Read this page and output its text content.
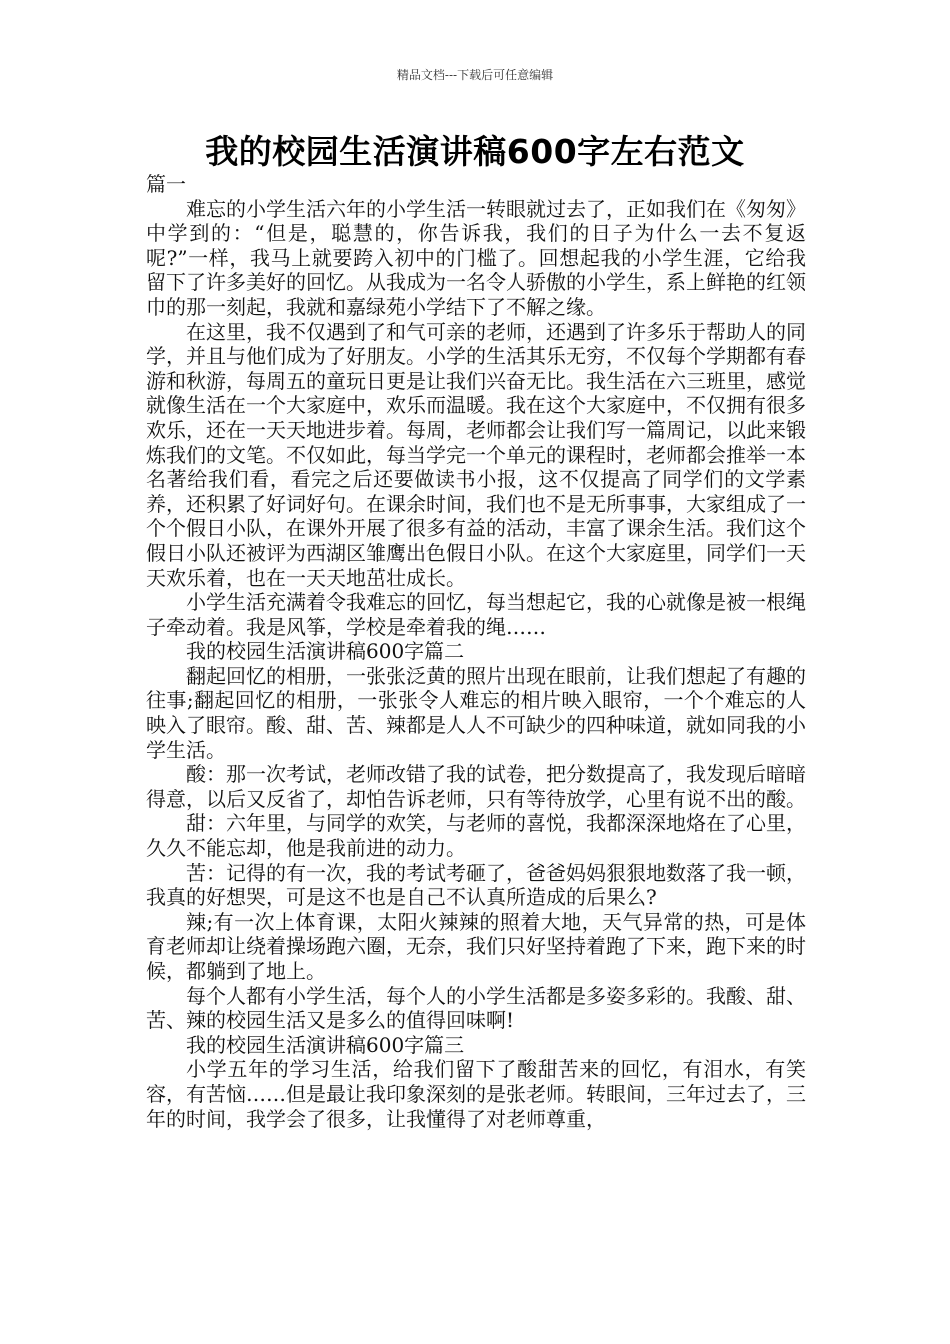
精品文档---下载后可任意编辑
我的校园生活演讲稿600字左右范文

篇一

难忘的小学生活六年的小学生活一转眼就过去了，正如我们在《匆匆》中学到的：“但是，聪慧的，你告诉我，我们的日子为什么一去不复返呢?”一样，我马上就要跨入初中的门槛了。回想起我的小学生涯，它给我留下了许多美好的回忆。从我成为一名令人骄傲的小学生，系上鲜艳的红领巾的那一刻起，我就和嘉绿苑小学结下了不解之缘。

在这里，我不仅遇到了和气可亲的老师，还遇到了许多乐于帮助人的同学，并且与他们成为了好朋友。小学的生活其乐无穷，不仅每个学期都有春游和秋游，每周五的童玩日更是让我们兴奋无比。我生活在六三班里，感觉就像生活在一个大家庭中，欢乐而温暖。我在这个大家庭中，不仅拥有很多欢乐，还在一天天地进步着。每周，老师都会让我们写一篇周记，以此来锻炼我们的文笔。不仅如此，每当学完一个单元的课程时，老师都会推举一本名著给我们看，看完之后还要做读书小报，这不仅提高了同学们的文学素养，还积累了好词好句。在课余时间，我们也不是无所事事，大家组成了一个个假日小队，在课外开展了很多有益的活动，丰富了课余生活。我们这个假日小队还被评为西湖区雏鹰出色假日小队。在这个大家庭里，同学们一天天欢乐着，也在一天天地茁壮成长。

小学生活充满着令我难忘的回忆，每当想起它，我的心就像是被一根绳子牵动着。我是风筝，学校是牵着我的绳……

我的校园生活演讲稿600字篇二

翻起回忆的相册，一张张泛黄的照片出现在眼前，让我们想起了有趣的往事;翻起回忆的相册，一张张令人难忘的相片映入眼帘，一个个难忘的人映入了眼帘。酸、甜、苦、辣都是人人不可缺少的四种味道，就如同我的小学生活。

酸：那一次考试，老师改错了我的试卷，把分数提高了，我发现后暗暗得意，以后又反省了，却怕告诉老师，只有等待放学，心里有说不出的酸。

甜：六年里，与同学的欢笑，与老师的喜悦，我都深深地烙在了心里，久久不能忘却，他是我前进的动力。

苦：记得的有一次，我的考试考砸了，爸爸妈妈狠狠地数落了我一顿，我真的好想哭，可是这不也是自己不认真所造成的后果么?

辣;有一次上体育课，太阳火辣辣的照着大地，天气异常的热，可是体育老师却让绕着操场跑六圈，无奈，我们只好坚持着跑了下来，跑下来的时候，都躺到了地上。

每个人都有小学生活，每个人的小学生活都是多姿多彩的。我酸、甜、苦、辣的校园生活又是多么的值得回味啊!

我的校园生活演讲稿600字篇三

小学五年的学习生活，给我们留下了酸甜苦来的回忆，有泪水，有笑容，有苦恼……但是最让我印象深刻的是张老师。转眼间，三年过去了，三年的时间，我学会了很多，让我懂得了对老师尊重，
